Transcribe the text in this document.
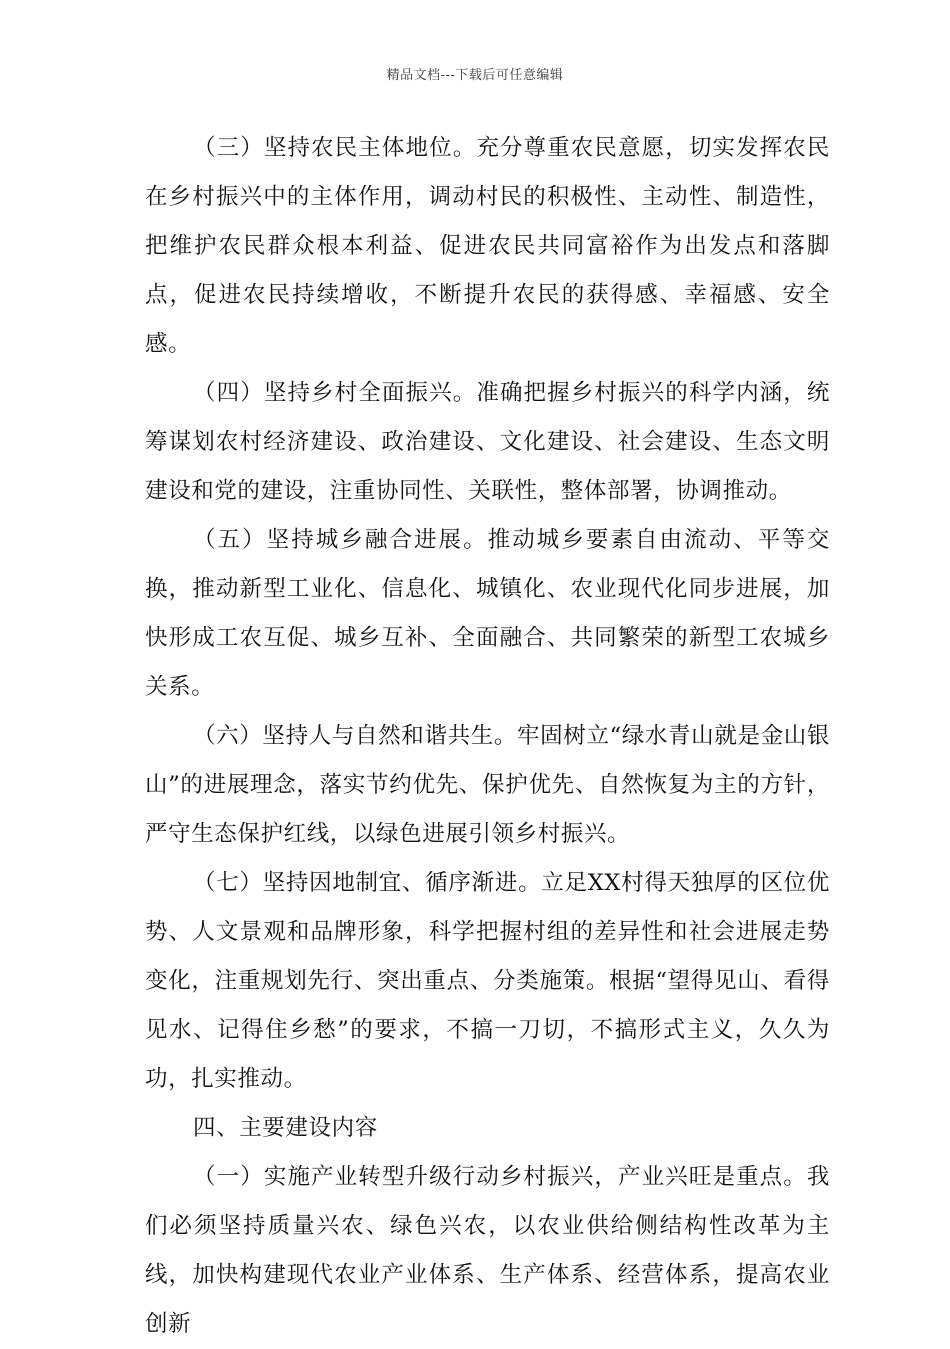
精品文档---下载后可任意编辑

（三）坚持农民主体地位。充分尊重农民意愿，切实发挥农民在乡村振兴中的主体作用，调动村民的积极性、主动性、制造性，把维护农民群众根本利益、促进农民共同富裕作为出发点和落脚点，促进农民持续增收，不断提升农民的获得感、幸福感、安全感。

（四）坚持乡村全面振兴。准确把握乡村振兴的科学内涵，统筹谋划农村经济建设、政治建设、文化建设、社会建设、生态文明建设和党的建设，注重协同性、关联性，整体部署，协调推动。

（五）坚持城乡融合进展。推动城乡要素自由流动、平等交换，推动新型工业化、信息化、城镇化、农业现代化同步进展，加快形成工农互促、城乡互补、全面融合、共同繁荣的新型工农城乡关系。

（六）坚持人与自然和谐共生。牢固树立“绿水青山就是金山银山”的进展理念，落实节约优先、保护优先、自然恢复为主的方针，严守生态保护红线，以绿色进展引领乡村振兴。

（七）坚持因地制宜、循序渐进。立足XX村得天独厚的区位优势、人文景观和品牌形象，科学把握村组的差异性和社会进展走势变化，注重规划先行、突出重点、分类施策。根据“望得见山、看得见水、记得住乡愁”的要求，不搞一刀切，不搞形式主义，久久为功，扎实推动。

四、主要建设内容

（一）实施产业转型升级行动乡村振兴，产业兴旺是重点。我们必须坚持质量兴农、绿色兴农，以农业供给侧结构性改革为主线，加快构建现代农业产业体系、生产体系、经营体系，提高农业创新
